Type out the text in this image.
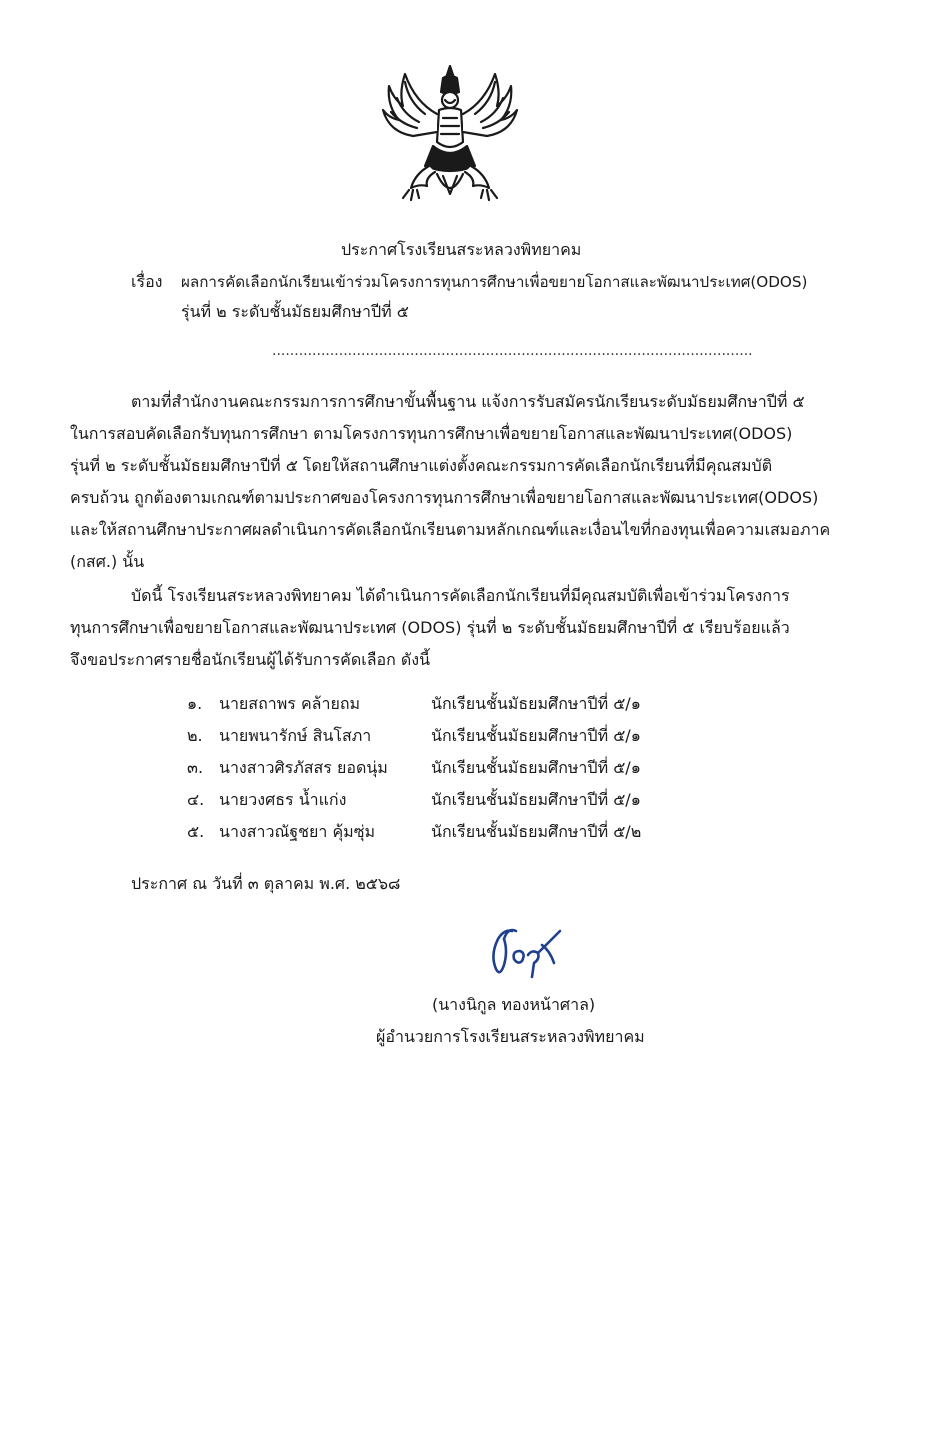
ประกาศโรงเรียนสระหลวงพิทยาคม
เรื่อง ผลการคัดเลือกนักเรียนเข้าร่วมโครงการทุนการศึกษาเพื่อขยายโอกาสและพัฒนาประเทศ(ODOS)
รุ่นที่ ๒ ระดับชั้นมัธยมศึกษาปีที่ ๕
............................................................................................................
ตามที่สำนักงานคณะกรรมการการศึกษาขั้นพื้นฐาน แจ้งการรับสมัครนักเรียนระดับมัธยมศึกษาปีที่ ๕
ในการสอบคัดเลือกรับทุนการศึกษา ตามโครงการทุนการศึกษาเพื่อขยายโอกาสและพัฒนาประเทศ(ODOS)
รุ่นที่ ๒ ระดับชั้นมัธยมศึกษาปีที่ ๕ โดยให้สถานศึกษาแต่งตั้งคณะกรรมการคัดเลือกนักเรียนที่มีคุณสมบัติ
ครบถ้วน ถูกต้องตามเกณฑ์ตามประกาศของโครงการทุนการศึกษาเพื่อขยายโอกาสและพัฒนาประเทศ(ODOS)
และให้สถานศึกษาประกาศผลดำเนินการคัดเลือกนักเรียนตามหลักเกณฑ์และเงื่อนไขที่กองทุนเพื่อความเสมอภาค
(กสศ.) นั้น
บัดนี้ โรงเรียนสระหลวงพิทยาคม ได้ดำเนินการคัดเลือกนักเรียนที่มีคุณสมบัติเพื่อเข้าร่วมโครงการ
ทุนการศึกษาเพื่อขยายโอกาสและพัฒนาประเทศ (ODOS) รุ่นที่ ๒ ระดับชั้นมัธยมศึกษาปีที่ ๕ เรียบร้อยแล้ว
จึงขอประกาศรายชื่อนักเรียนผู้ได้รับการคัดเลือก ดังนี้
๑. นายสถาพร คล้ายถม	นักเรียนชั้นมัธยมศึกษาปีที่ ๕/๑
๒. นายพนารักษ์ สินโสภา	นักเรียนชั้นมัธยมศึกษาปีที่ ๕/๑
๓. นางสาวศิรภัสสร ยอดนุ่ม	นักเรียนชั้นมัธยมศึกษาปีที่ ๕/๑
๔. นายวงศธร น้ำแก่ง	นักเรียนชั้นมัธยมศึกษาปีที่ ๕/๑
๕. นางสาวณัฐชยา คุ้มซุ่ม	นักเรียนชั้นมัธยมศึกษาปีที่ ๕/๒
ประกาศ ณ วันที่ ๓ ตุลาคม พ.ศ. ๒๕๖๘
(นางนิกูล ทองหน้าศาล)
ผู้อำนวยการโรงเรียนสระหลวงพิทยาคม
